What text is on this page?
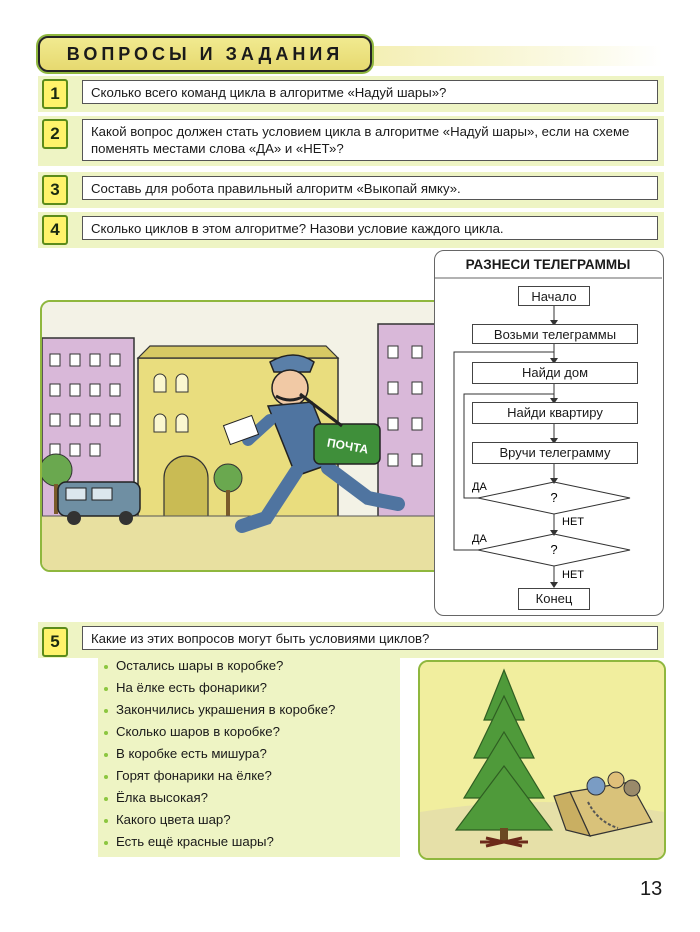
ВОПРОСЫ И ЗАДАНИЯ
1	Сколько всего команд цикла в алгоритме «Надуй шары»?
2	Какой вопрос должен стать условием цикла в алгоритме «Надуй шары», если на схеме поменять местами слова «ДА» и «НЕТ»?
3	Составь для робота правильный алгоритм «Выкопай ямку».
4	Сколько циклов в этом алгоритме? Назови условие каждого цикла.
ПОЧТА
РАЗНЕСИ ТЕЛЕГРАММЫ
?
?
ДА
НЕТ
ДА
НЕТ
Начало
Возьми телеграммы
Найди дом
Найди квартиру
Вручи телеграмму
Конец
5	Какие из этих вопросов могут быть условиями циклов?
Остались шары в коробке?
На ёлке есть фонарики?
Закончились украшения в коробке?
Сколько шаров в коробке?
В коробке есть мишура?
Горят фонарики на ёлке?
Ёлка высокая?
Какого цвета шар?
Есть ещё красные шары?
13
